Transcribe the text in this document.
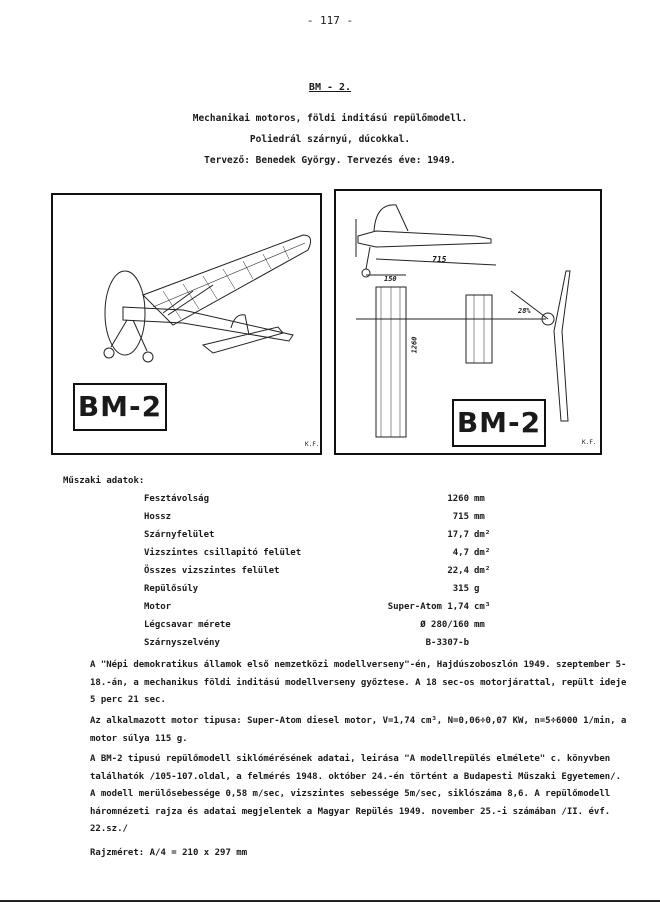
- 117 -
BM - 2.
Mechanikai motoros, földi inditású repülőmodell.
Poliedrál szárnyú, dúcokkal.
Tervező: Benedek György. Tervezés éve: 1949.
BM-2
K.F.
715
150
1260
28%
BM-2
K.F.
Műszaki adatok:
Fesztávolság	1260 mm
Hossz	715 mm
Szárnyfelület	17,7 dm²
Vizszintes csillapitó felület	4,7 dm²
Összes vizszintes felület	22,4 dm²
Repülősúly	315 g
Motor	Super-Atom 1,74 cm³
Légcsavar mérete	Ø 280/160 mm
Szárnyszelvény	B-3307-b
A "Népi demokratikus államok első nemzetközi modellverseny"-én, Hajdúszoboszlón 1949. szeptember 5-18.-án, a mechanikus földi inditású modellverseny győztese. A 18 sec-os motorjárattal, repült ideje 5 perc 21 sec.
Az alkalmazott motor tipusa: Super-Atom diesel motor, V=1,74 cm³, N=0,06÷0,07 KW, n=5÷6000 1/min, a motor súlya 115 g.
A BM-2 tipusú repülőmodell siklómérésének adatai, leirása "A modellrepülés elmélete" c. könyvben találhatók /105-107.oldal, a felmérés 1948. október 24.-én történt a Budapesti Műszaki Egyetemen/. A modell merülősebessége 0,58 m/sec, vizszintes sebessége 5m/sec, siklószáma 8,6. A repülőmodell háromnézeti rajza és adatai megjelentek a Magyar Repülés 1949. november 25.-i számában /II. évf. 22.sz./
Rajzméret: A/4 = 210 x 297 mm
